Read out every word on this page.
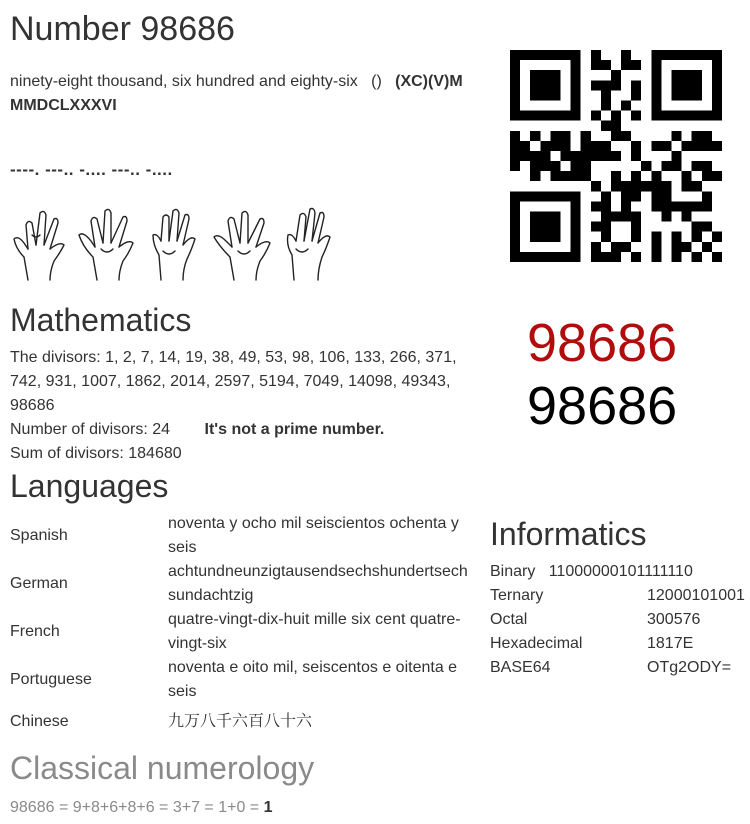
Number 98686
ninety-eight thousand, six hundred and eighty-six () (XC)(V)M
MMDCLXXXVI
----. ---.. -.... ---.. -....

98686
98686
Mathematics
The divisors: 1, 2, 7, 14, 19, 38, 49, 53, 98, 106, 133, 266, 371, 742, 931, 1007, 1862, 2014, 2597, 5194, 7049, 14098, 49343, 98686
Number of divisors: 24 It's not a prime number.
Sum of divisors: 184680
Languages
Spanish	noventa y ocho mil seiscientos ochenta y seis
German	achtundneunzigtausendsechshundertsech sundachtzig
French	quatre-vingt-dix-huit mille six cent quatre-vingt-six
Portuguese	noventa e oito mil, seiscentos e oitenta e seis
Chinese	九万八千六百八十六
Informatics
Binary 11000000101111110	
Ternary	12000101001
Octal	300576
Hexadecimal	1817E
BASE64	OTg2ODY=
Classical numerology
98686 = 9+8+6+8+6 = 3+7 = 1+0 = 1
